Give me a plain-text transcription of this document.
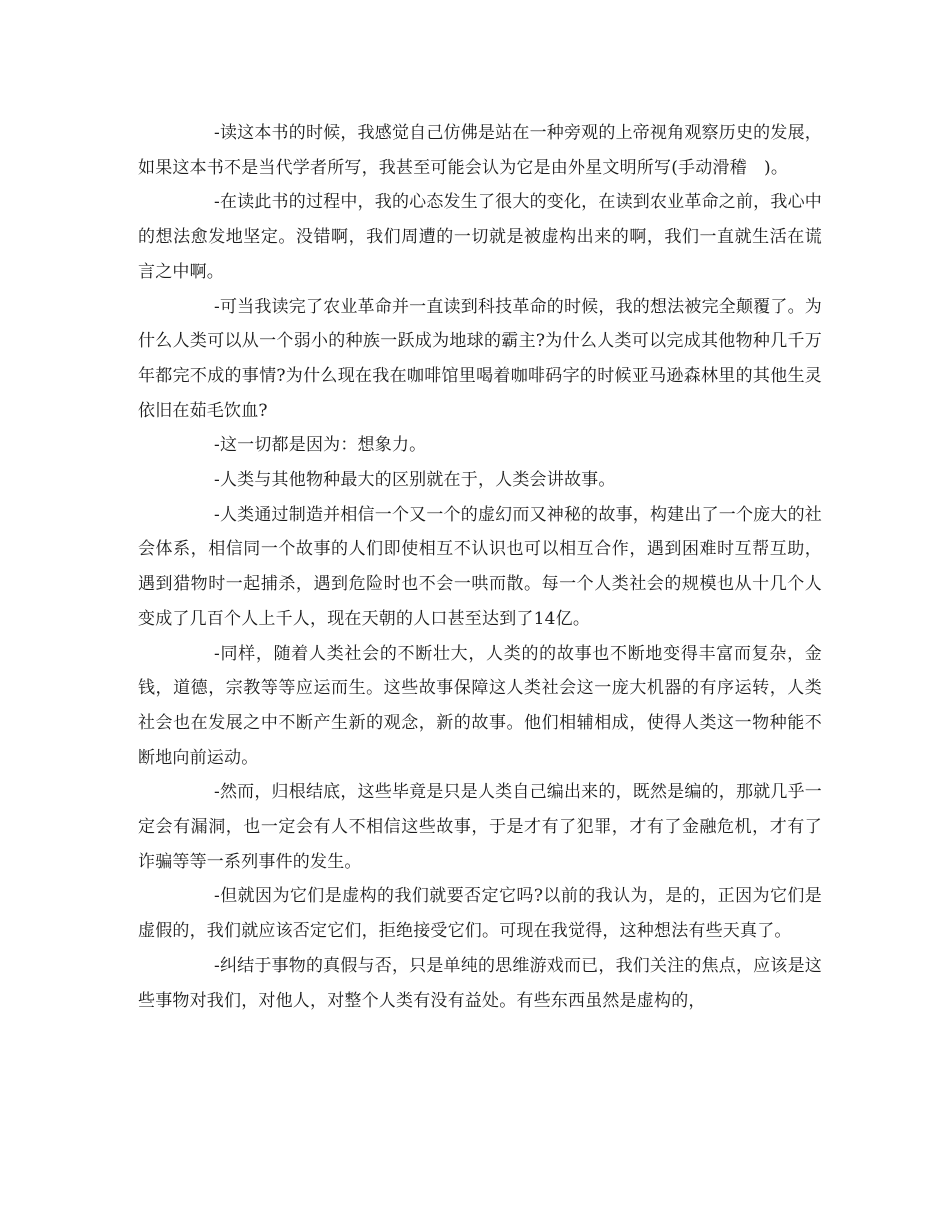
-读这本书的时候，我感觉自己仿佛是站在一种旁观的上帝视角观察历史的发展，如果这本书不是当代学者所写，我甚至可能会认为它是由外星文明所写(手动滑稽　)。

-在读此书的过程中，我的心态发生了很大的变化，在读到农业革命之前，我心中的想法愈发地坚定。没错啊，我们周遭的一切就是被虚构出来的啊，我们一直就生活在谎言之中啊。

-可当我读完了农业革命并一直读到科技革命的时候，我的想法被完全颠覆了。为什么人类可以从一个弱小的种族一跃成为地球的霸主?为什么人类可以完成其他物种几千万年都完不成的事情?为什么现在我在咖啡馆里喝着咖啡码字的时候亚马逊森林里的其他生灵依旧在茹毛饮血?

-这一切都是因为：想象力。

-人类与其他物种最大的区别就在于，人类会讲故事。

-人类通过制造并相信一个又一个的虚幻而又神秘的故事，构建出了一个庞大的社会体系，相信同一个故事的人们即使相互不认识也可以相互合作，遇到困难时互帮互助，遇到猎物时一起捕杀，遇到危险时也不会一哄而散。每一个人类社会的规模也从十几个人变成了几百个人上千人，现在天朝的人口甚至达到了14亿。

-同样，随着人类社会的不断壮大，人类的的故事也不断地变得丰富而复杂，金钱，道德，宗教等等应运而生。这些故事保障这人类社会这一庞大机器的有序运转，人类社会也在发展之中不断产生新的观念，新的故事。他们相辅相成，使得人类这一物种能不断地向前运动。

-然而，归根结底，这些毕竟是只是人类自己编出来的，既然是编的，那就几乎一定会有漏洞，也一定会有人不相信这些故事，于是才有了犯罪，才有了金融危机，才有了诈骗等等一系列事件的发生。

-但就因为它们是虚构的我们就要否定它吗?以前的我认为，是的，正因为它们是虚假的，我们就应该否定它们，拒绝接受它们。可现在我觉得，这种想法有些天真了。

-纠结于事物的真假与否，只是单纯的思维游戏而已，我们关注的焦点，应该是这些事物对我们，对他人，对整个人类有没有益处。有些东西虽然是虚构的，
